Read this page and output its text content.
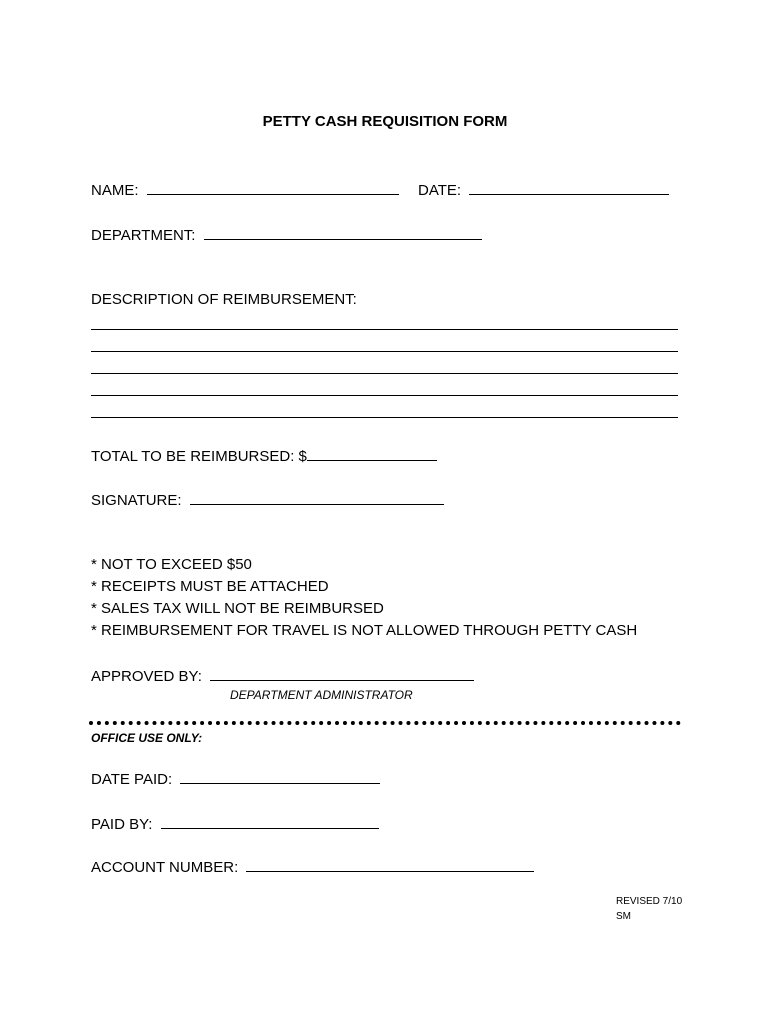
PETTY CASH REQUISITION FORM
NAME:	DATE:
DEPARTMENT:
DESCRIPTION OF REIMBURSEMENT:
TOTAL TO BE REIMBURSED: $
SIGNATURE:
* NOT TO EXCEED $50
* RECEIPTS MUST BE ATTACHED
* SALES TAX WILL NOT BE REIMBURSED
* REIMBURSEMENT FOR TRAVEL IS NOT ALLOWED THROUGH PETTY CASH
APPROVED BY:
DEPARTMENT ADMINISTRATOR
OFFICE USE ONLY:
DATE PAID:
PAID BY:
ACCOUNT NUMBER:
REVISED 7/10
SM
